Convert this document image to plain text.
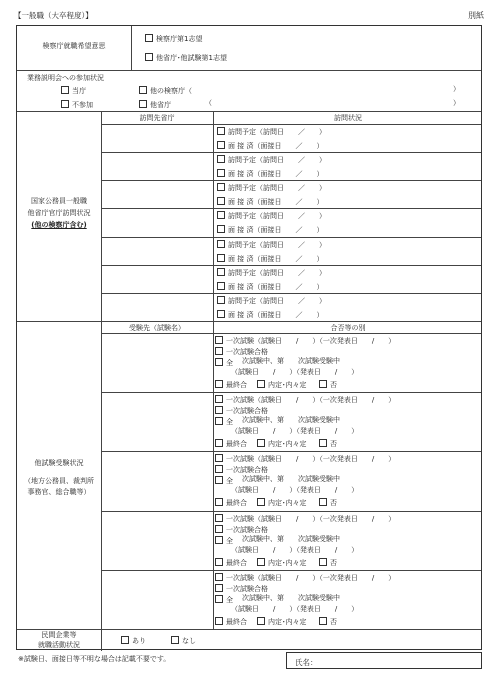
【一般職（大卒程度）】	別紙
検察庁就職希望意思
検察庁第1志望
他省庁･他試験第1志望
業務説明会への参加状況
当庁	他の検察庁（	）
不参加	他省庁	（	）
訪問先省庁	訪問状況
国家公務員一般職
他省庁官庁訪問状況
(他の検察庁含む)
訪問予定（訪問日　　／　　）
面 接 済（面接日　　／　　）
訪問予定（訪問日　　／　　）
面 接 済（面接日　　／　　）
訪問予定（訪問日　　／　　）
面 接 済（面接日　　／　　）
訪問予定（訪問日　　／　　）
面 接 済（面接日　　／　　）
訪問予定（訪問日　　／　　）
面 接 済（面接日　　／　　）
訪問予定（訪問日　　／　　）
面 接 済（面接日　　／　　）
訪問予定（訪問日　　／　　）
面 接 済（面接日　　／　　）
受験先（試験名）	合否等の別
他試験受験状況
（地方公務員、裁判所
事務官、総合職等）
一次試験（試験日　　/　　）（一次発表日　　/　　）
一次試験合格
全 次試験中、第　　次試験受験中
（試験日　　/　　）（発表日　　/　　）
最終合	内定･内々定	否
一次試験（試験日　　/　　）（一次発表日　　/　　）
一次試験合格
全 次試験中、第　　次試験受験中
（試験日　　/　　）（発表日　　/　　）
最終合	内定･内々定	否
一次試験（試験日　　/　　）（一次発表日　　/　　）
一次試験合格
全 次試験中、第　　次試験受験中
（試験日　　/　　）（発表日　　/　　）
最終合	内定･内々定	否
一次試験（試験日　　/　　）（一次発表日　　/　　）
一次試験合格
全 次試験中、第　　次試験受験中
（試験日　　/　　）（発表日　　/　　）
最終合	内定･内々定	否
一次試験（試験日　　/　　）（一次発表日　　/　　）
一次試験合格
全 次試験中、第　　次試験受験中
（試験日　　/　　）（発表日　　/　　）
最終合	内定･内々定	否
民間企業等
就職活動状況	あり	なし
※試験日、面接日等不明な場合は記載不要です。	氏名：
